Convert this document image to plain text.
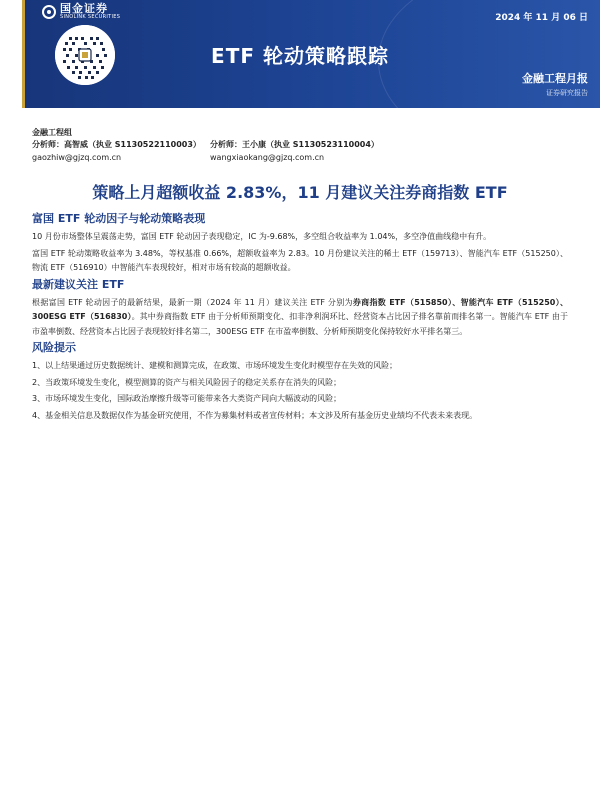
国金证券
SINOLINK SECURITIES	2024 年 11 月 06 日
ETF 轮动策略跟踪
金融工程月报
证券研究报告
金融工程组
分析师：高智威（执业 S1130522110003）
gaozhiw@gjzq.com.cn
分析师：王小康（执业 S1130523110004）
wangxiaokang@gjzq.com.cn
策略上月超额收益 2.83%，11 月建议关注券商指数 ETF
富国 ETF 轮动因子与轮动策略表现

10 月份市场整体呈震荡走势，富国 ETF 轮动因子表现稳定，IC 为-9.68%，多空组合收益率为 1.04%，多空净值曲线稳中有升。

富国 ETF 轮动策略收益率为 3.48%，等权基准 0.66%，超额收益率为 2.83。10 月份建议关注的稀土 ETF（159713）、智能汽车 ETF（515250）、物流 ETF（516910）中智能汽车表现较好，相对市场有较高的超额收益。

最新建议关注 ETF

根据富国 ETF 轮动因子的最新结果，最新一期（2024 年 11 月）建议关注 ETF 分别为券商指数 ETF（515850）、智能汽车 ETF（515250）、300ESG ETF（516830）。其中券商指数 ETF 由于分析师预期变化、扣非净利润环比、经营资本占比因子排名靠前而排名第一。智能汽车 ETF 由于市盈率倒数、经营资本占比因子表现较好排名第二，300ESG ETF 在市盈率倒数、分析师预期变化保持较好水平排名第三。

风险提示

1、以上结果通过历史数据统计、建模和测算完成，在政策、市场环境发生变化时模型存在失效的风险；

2、当政策环境发生变化，模型测算的资产与相关风险因子的稳定关系存在消失的风险；

3、市场环境发生变化，国际政治摩擦升级等可能带来各大类资产同向大幅波动的风险；

4、基金相关信息及数据仅作为基金研究使用，不作为募集材料或者宣传材料；本文涉及所有基金历史业绩均不代表未来表现。
